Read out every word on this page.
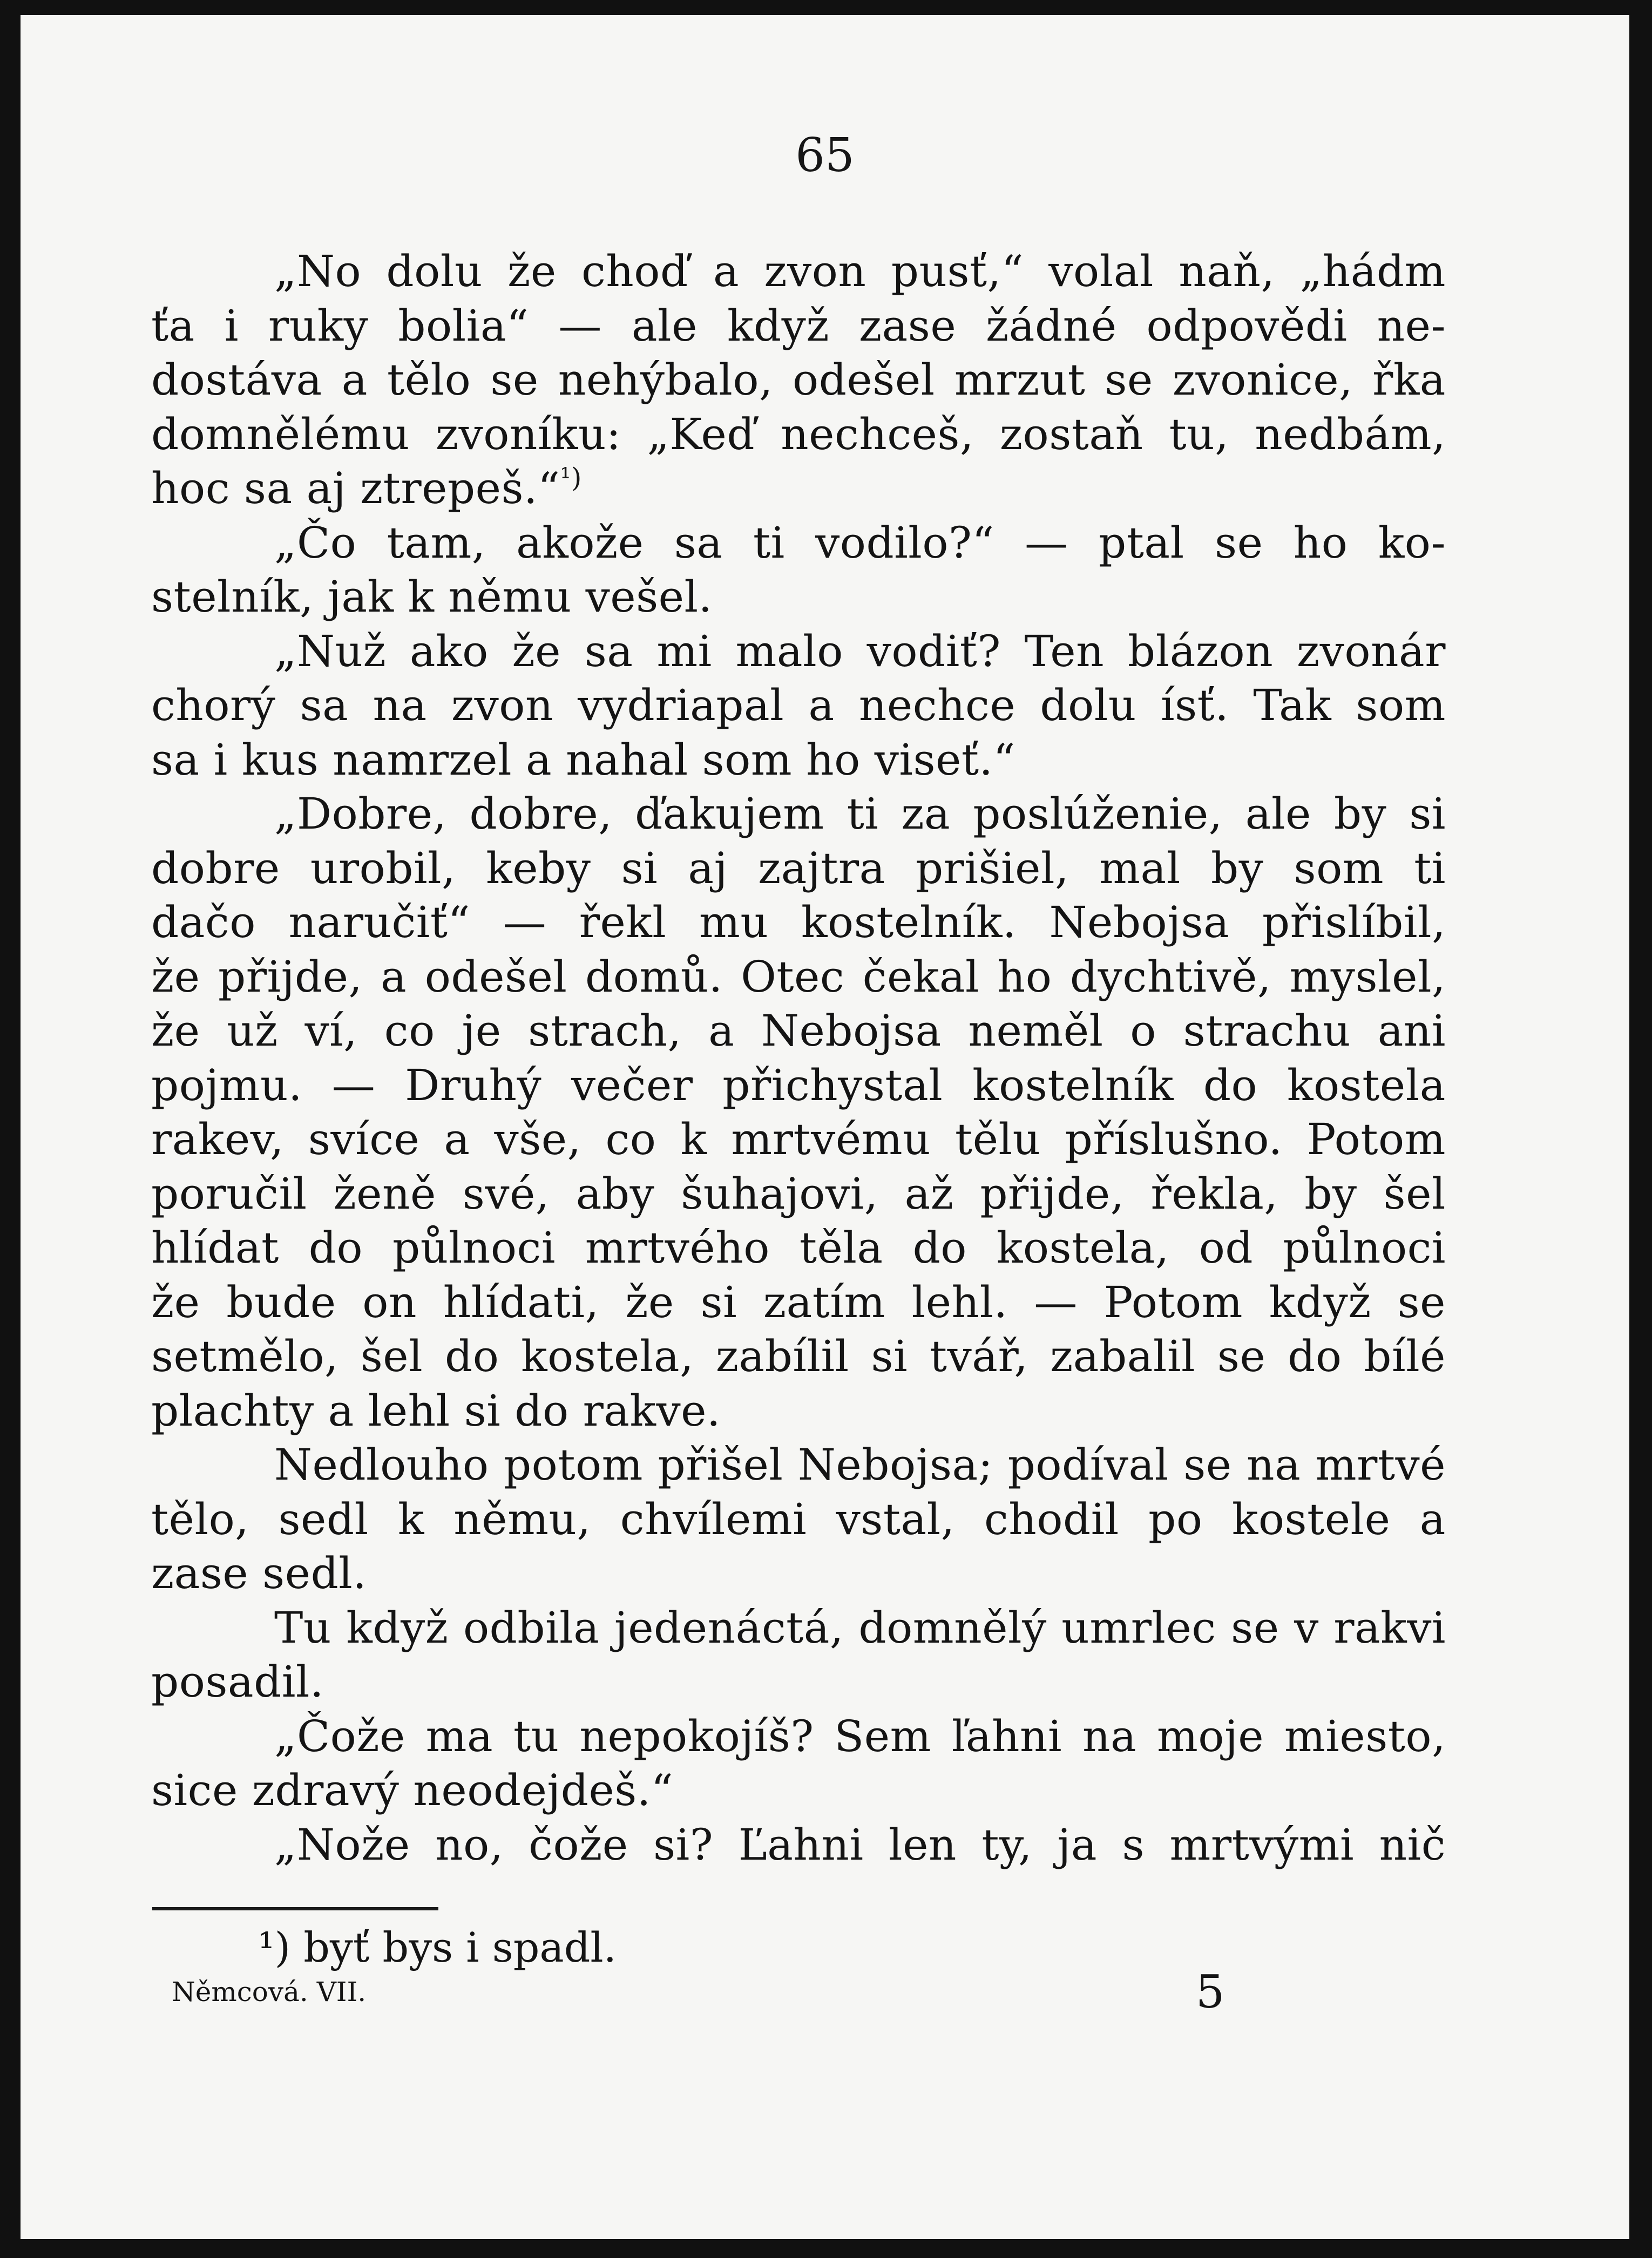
65
„No dolu že choď a zvon pusť,“ volal naň, „hádm
ťa i ruky bolia“ — ale když zase žádné odpovědi ne-
dostáva a tělo se nehýbalo, odešel mrzut se zvonice, řka
domnělému zvoníku: „Keď nechceš, zostaň tu, nedbám,
hoc sa aj ztrepeš.“$^{^1)}$
„Čo tam, akože sa ti vodilo?“ — ptal se ho ko-
stelník, jak k němu vešel.
„Nuž ako že sa mi malo vodiť? Ten blázon zvonár
chorý sa na zvon vydriapal a nechce dolu ísť. Tak som
sa i kus namrzel a nahal som ho viseť.“
„Dobre, dobre, ďakujem ti za poslúženie, ale by si
dobre urobil, keby si aj zajtra prišiel, mal by som ti
dačo naručiť“ — řekl mu kostelník. Nebojsa přislíbil,
že přijde, a odešel domů. Otec čekal ho dychtivě, myslel,
že už ví, co je strach, a Nebojsa neměl o strachu ani
pojmu. — Druhý večer přichystal kostelník do kostela
rakev, svíce a vše, co k mrtvému tělu příslušno. Potom
poručil ženě své, aby šuhajovi, až přijde, řekla, by šel
hlídat do půlnoci mrtvého těla do kostela, od půlnoci
že bude on hlídati, že si zatím lehl. — Potom když se
setmělo, šel do kostela, zabílil si tvář, zabalil se do bílé
plachty a lehl si do rakve.
Nedlouho potom přišel Nebojsa; podíval se na mrtvé
tělo, sedl k němu, chvílemi vstal, chodil po kostele a
zase sedl.
Tu když odbila jedenáctá, domnělý umrlec se v rakvi
posadil.
„Čože ma tu nepokojíš? Sem ľahni na moje miesto,
sice zdravý neodejdeš.“
„Nože no, čože si? Ľahni len ty, ja s mrtvými nič
¹) byť bys i spadl.
Němcová. VII.	5
